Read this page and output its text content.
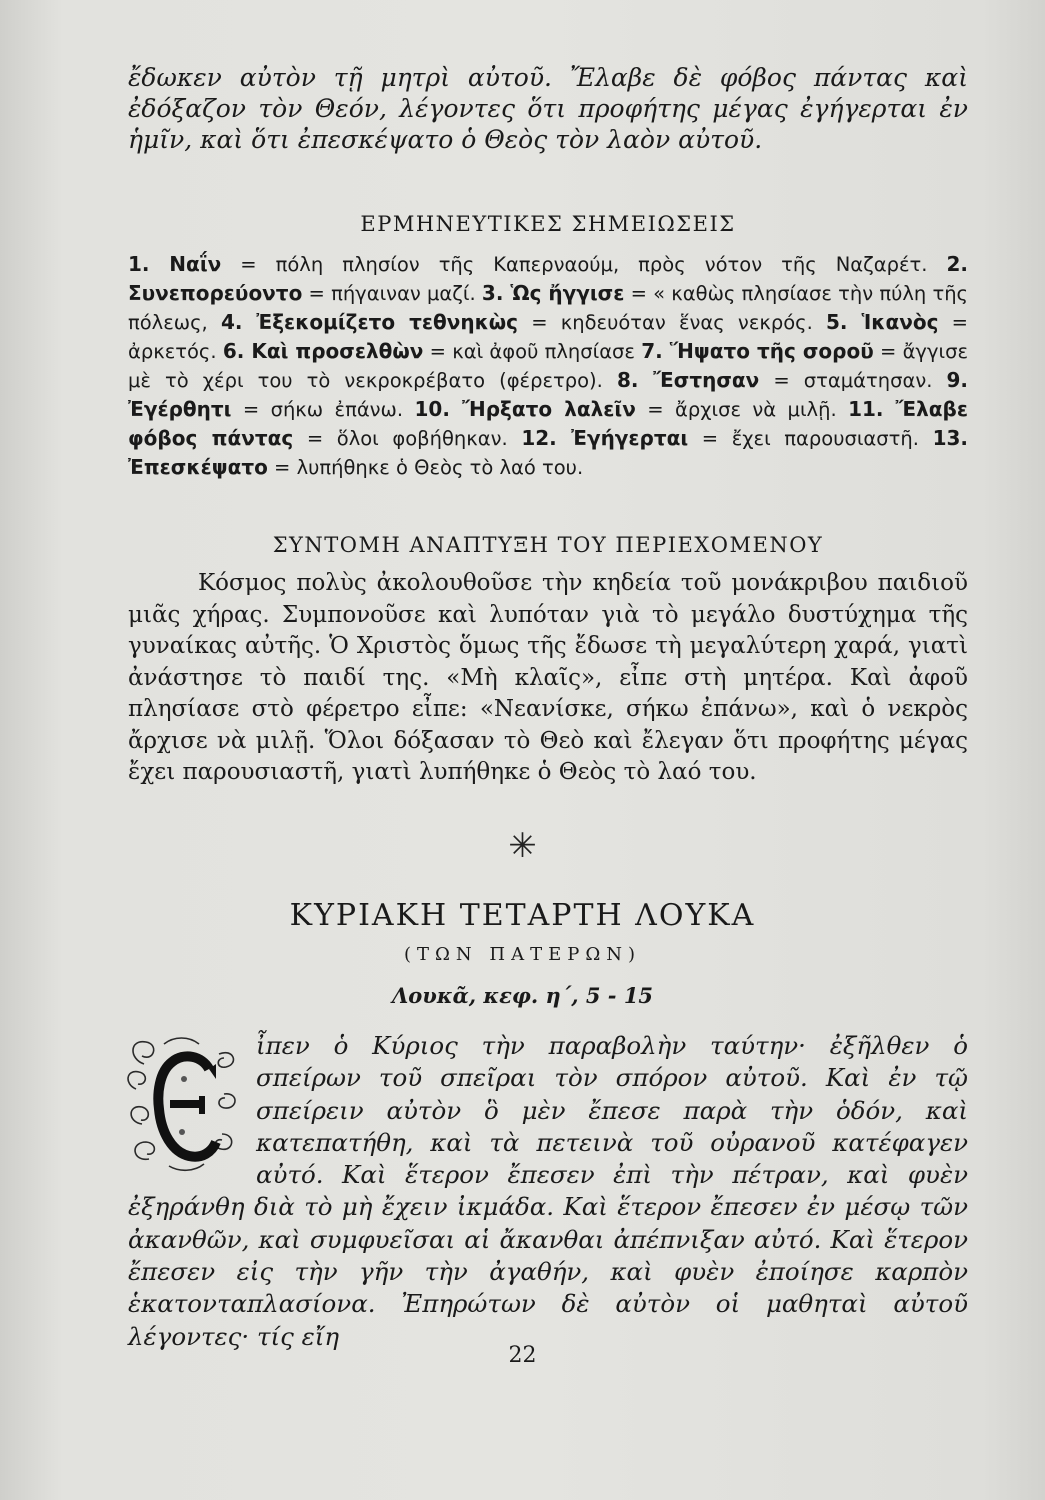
ἔδωκεν αὐτὸν τῇ μητρὶ αὐτοῦ. Ἔλαβε δὲ φόβος πάντας καὶ ἐδόξαζον τὸν Θεόν, λέγοντες ὅτι προφήτης μέγας ἐγήγερται ἐν ἡμῖν, καὶ ὅτι ἐπεσκέψατο ὁ Θεὸς τὸν λαὸν αὐτοῦ.
ΕΡΜΗΝΕΥΤΙΚΕΣ ΣΗΜΕΙΩΣΕΙΣ
1. Ναΐν = πόλη πλησίον τῆς Καπερναούμ, πρὸς νότον τῆς Ναζαρέτ. 2. Συνεπορεύοντο = πήγαιναν μαζί. 3. Ὡς ἤγγισε = « καθὼς πλησίασε τὴν πύλη τῆς πόλεως, 4. Ἐξεκομίζετο τεθνηκὼς = κηδευόταν ἕνας νεκρός. 5. Ἱκανὸς = ἀρκετός. 6. Καὶ προσελθὼν = καὶ ἀφοῦ πλησίασε 7. Ἥψατο τῆς σοροῦ = ἄγγισε μὲ τὸ χέρι του τὸ νεκροκρέβατο (φέρετρο). 8. Ἔστησαν = σταμάτησαν. 9. Ἐγέρθητι = σήκω ἐπάνω. 10. Ἤρξατο λαλεῖν = ἄρχισε νὰ μιλῇ. 11. Ἔλαβε φόβος πάντας = ὅλοι φοβήθηκαν. 12. Ἐγήγερται = ἔχει παρουσιαστῆ. 13. Ἐπεσκέψατο = λυπήθηκε ὁ Θεὸς τὸ λαό του.
ΣΥΝΤΟΜΗ ΑΝΑΠΤΥΞΗ ΤΟΥ ΠΕΡΙΕΧΟΜΕΝΟΥ
Κόσμος πολὺς ἀκολουθοῦσε τὴν κηδεία τοῦ μονάκριβου παιδιοῦ μιᾶς χήρας. Συμπονοῦσε καὶ λυπόταν γιὰ τὸ μεγάλο δυστύχημα τῆς γυναίκας αὐτῆς. Ὁ Χριστὸς ὅμως τῆς ἔδωσε τὴ μεγαλύτερη χαρά, γιατὶ ἀνάστησε τὸ παιδί της. «Μὴ κλαῖς», εἶπε στὴ μητέρα. Καὶ ἀφοῦ πλησίασε στὸ φέρετρο εἶπε: «Νεανίσκε, σήκω ἐπάνω», καὶ ὁ νεκρὸς ἄρχισε νὰ μιλῇ. Ὅλοι δόξασαν τὸ Θεὸ καὶ ἔλεγαν ὅτι προφήτης μέγας ἔχει παρουσιαστῆ, γιατὶ λυπήθηκε ὁ Θεὸς τὸ λαό του.
✳
ΚΥΡΙΑΚΗ ΤΕΤΑΡΤΗ ΛΟΥΚΑ
(ΤΩΝ ΠΑΤΕΡΩΝ)
Λουκᾶ, κεφ. η΄, 5 - 15
ἶπεν ὁ Κύριος τὴν παραβολὴν ταύτην· ἐξῆλθεν ὁ σπείρων τοῦ σπεῖραι τὸν σπόρον αὐτοῦ. Καὶ ἐν τῷ σπείρειν αὐτὸν ὃ μὲν ἔπεσε παρὰ τὴν ὁδόν, καὶ κατεπατήθη, καὶ τὰ πετεινὰ τοῦ οὐρανοῦ κατέφαγεν αὐτό. Καὶ ἕτερον ἔπεσεν ἐπὶ τὴν πέτραν, καὶ φυὲν ἐξηράνθη διὰ τὸ μὴ ἔχειν ἰκμάδα. Καὶ ἕτερον ἔπεσεν ἐν μέσῳ τῶν ἀκανθῶν, καὶ συμφυεῖσαι αἱ ἄκανθαι ἀπέπνιξαν αὐτό. Καὶ ἕτερον ἔπεσεν εἰς τὴν γῆν τὴν ἀγαθήν, καὶ φυὲν ἐποίησε καρπὸν ἑκατονταπλασίονα. Ἐπηρώτων δὲ αὐτὸν οἱ μαθηταὶ αὐτοῦ λέγοντες· τίς εἴη
22
